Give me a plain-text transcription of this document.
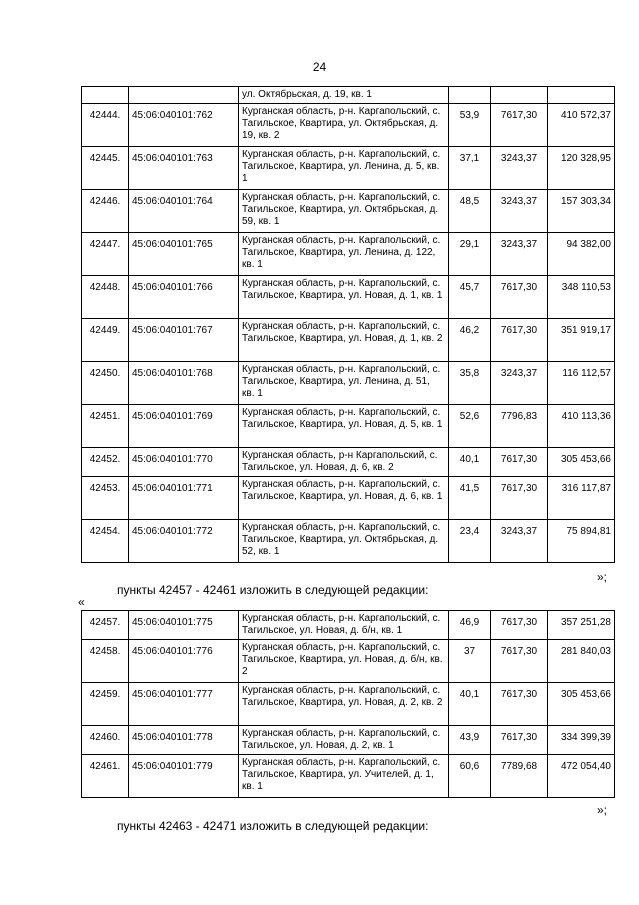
24
		ул. Октябрьская, д. 19, кв. 1			
42444.	45:06:040101:762	Курганская область, р-н. Каргапольский, с. Тагильское, Квартира, ул. Октябрьская, д. 19, кв. 2	53,9	7617,30	410 572,37
42445.	45:06:040101:763	Курганская область, р-н. Каргапольский, с. Тагильское, Квартира, ул. Ленина, д. 5, кв. 1	37,1	3243,37	120 328,95
42446.	45:06:040101:764	Курганская область, р-н. Каргапольский, с. Тагильское, Квартира, ул. Октябрьская, д. 59, кв. 1	48,5	3243,37	157 303,34
42447.	45:06:040101:765	Курганская область, р-н. Каргапольский, с. Тагильское, Квартира, ул. Ленина, д. 122, кв. 1	29,1	3243,37	94 382,00
42448.	45:06:040101:766	Курганская область, р-н. Каргапольский, с. Тагильское, Квартира, ул. Новая, д. 1, кв. 1	45,7	7617,30	348 110,53
42449.	45:06:040101:767	Курганская область, р-н. Каргапольский, с. Тагильское, Квартира, ул. Новая, д. 1, кв. 2	46,2	7617,30	351 919,17
42450.	45:06:040101:768	Курганская область, р-н. Каргапольский, с. Тагильское, Квартира, ул. Ленина, д. 51, кв. 1	35,8	3243,37	116 112,57
42451.	45:06:040101:769	Курганская область, р-н. Каргапольский, с. Тагильское, Квартира, ул. Новая, д. 5, кв. 1	52,6	7796,83	410 113,36
42452.	45:06:040101:770	Курганская область, р-н Каргапольский, с. Тагильское, ул. Новая, д. 6, кв. 2	40,1	7617,30	305 453,66
42453.	45:06:040101:771	Курганская область, р-н. Каргапольский, с. Тагильское, Квартира, ул. Новая, д. 6, кв. 1	41,5	7617,30	316 117,87
42454.	45:06:040101:772	Курганская область, р-н. Каргапольский, с. Тагильское, Квартира, ул. Октябрьская, д. 52, кв. 1	23,4	3243,37	75 894,81
»;
пункты 42457 - 42461 изложить в следующей редакции:
«
42457.	45:06:040101:775	Курганская область, р-н. Каргапольский, с. Тагильское, ул. Новая, д. б/н, кв. 1	46,9	7617,30	357 251,28
42458.	45:06:040101:776	Курганская область, р-н. Каргапольский, с. Тагильское, Квартира, ул. Новая, д. б/н, кв. 2	37	7617,30	281 840,03
42459.	45:06:040101:777	Курганская область, р-н. Каргапольский, с. Тагильское, Квартира, ул. Новая, д. 2, кв. 2	40,1	7617,30	305 453,66
42460.	45:06:040101:778	Курганская область, р-н. Каргапольский, с. Тагильское, ул. Новая, д. 2, кв. 1	43,9	7617,30	334 399,39
42461.	45:06:040101:779	Курганская область, р-н. Каргапольский, с. Тагильское, Квартира, ул. Учителей, д. 1, кв. 1	60,6	7789,68	472 054,40
»;
пункты 42463 - 42471 изложить в следующей редакции:
